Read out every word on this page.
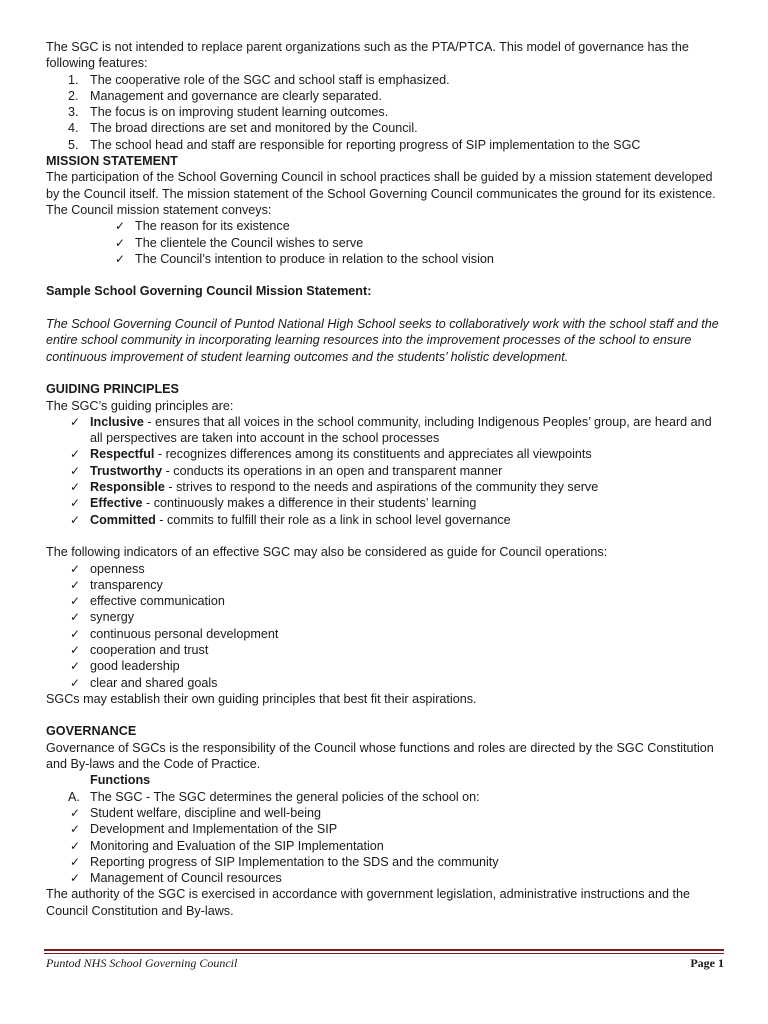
The SGC is not intended to replace parent organizations such as the PTA/PTCA. This model of governance has the following features:

1. The cooperative role of the SGC and school staff is emphasized.
2. Management and governance are clearly separated.
3. The focus is on improving student learning outcomes.
4. The broad directions are set and monitored by the Council.
5. The school head and staff are responsible for reporting progress of SIP implementation to the SGC

MISSION STATEMENT

The participation of the School Governing Council in school practices shall be guided by a mission statement developed by the Council itself. The mission statement of the School Governing Council communicates the ground for its existence.

The Council mission statement conveys:

✓ The reason for its existence
✓ The clientele the Council wishes to serve
✓ The Council’s intention to produce in relation to the school vision

Sample School Governing Council Mission Statement:

The School Governing Council of Puntod National High School seeks to collaboratively work with the school staff and the entire school community in incorporating learning resources into the improvement processes of the school to ensure continuous improvement of student learning outcomes and the students’ holistic development.

GUIDING PRINCIPLES

The SGC’s guiding principles are:

✓ Inclusive - ensures that all voices in the school community, including Indigenous Peoples’ group, are heard and all perspectives are taken into account in the school processes
✓ Respectful - recognizes differences among its constituents and appreciates all viewpoints
✓ Trustworthy - conducts its operations in an open and transparent manner
✓ Responsible - strives to respond to the needs and aspirations of the community they serve
✓ Effective - continuously makes a difference in their students’ learning
✓ Committed - commits to fulfill their role as a link in school level governance

The following indicators of an effective SGC may also be considered as guide for Council operations:

✓ openness
✓ transparency
✓ effective communication
✓ synergy
✓ continuous personal development
✓ cooperation and trust
✓ good leadership
✓ clear and shared goals

SGCs may establish their own guiding principles that best fit their aspirations.

GOVERNANCE

Governance of SGCs is the responsibility of the Council whose functions and roles are directed by the SGC Constitution and By-laws and the Code of Practice.

Functions

A. The SGC - The SGC determines the general policies of the school on:
✓ Student welfare, discipline and well-being
✓ Development and Implementation of the SIP
✓ Monitoring and Evaluation of the SIP Implementation
✓ Reporting progress of SIP Implementation to the SDS and the community
✓ Management of Council resources

The authority of the SGC is exercised in accordance with government legislation, administrative instructions and the Council Constitution and By-laws.

Puntod NHS School Governing Council	Page 1
